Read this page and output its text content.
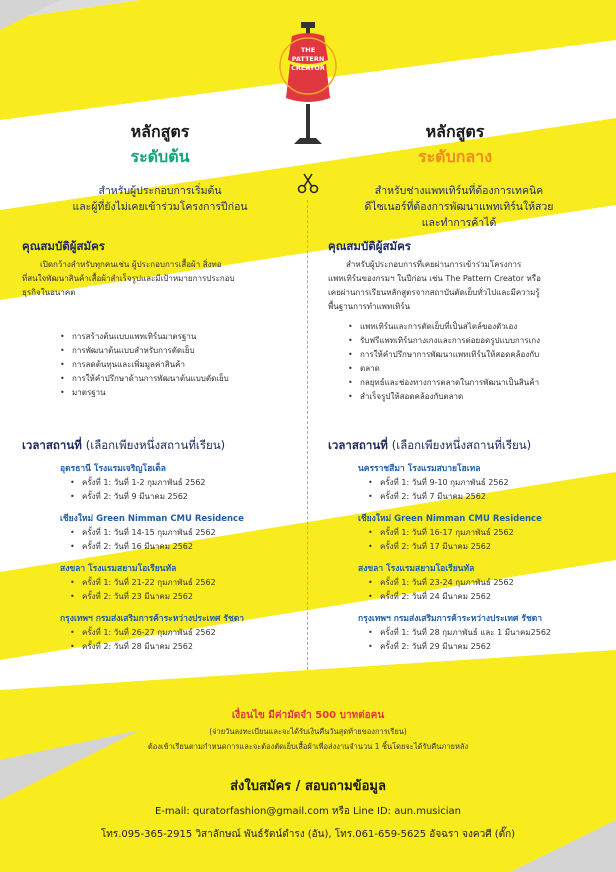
THE
PATTERN
CREATOR
หลักสูตร
ระดับต้น
สำหรับผู้ประกอบการเริ่มต้น
และผู้ที่ยังไม่เคยเข้าร่วมโครงการปีก่อน
คุณสมบัติผู้สมัคร
เปิดกว้างสำหรับทุกคนเช่น ผู้ประกอบการเสื้อผ้า สิ่งทอ
ที่สนใจพัฒนาสินค้าเสื้อผ้าสำเร็จรูปและมีเป้าหมายการประกอบ
ธุรกิจในอนาคต
• การสร้างต้นแบบแพทเทิร์นมาตรฐาน
• การพัฒนาต้นแบบสำหรับการตัดเย็บ
• การลดต้นทุนและเพิ่มมูลค่าสินค้า
• การให้คำปรึกษาด้านการพัฒนาต้นแบบตัดเย็บ
• มาตรฐาน
เวลาสถานที่ (เลือกเพียงหนึ่งสถานที่เรียน)
อุดรธานี โรงแรมเจริญโฮเต็ล
• ครั้งที่ 1: วันที่ 1-2 กุมภาพันธ์ 2562
• ครั้งที่ 2: วันที่ 9 มีนาคม 2562
เชียงใหม่ Green Nimman CMU Residence
• ครั้งที่ 1: วันที่ 14-15 กุมภาพันธ์ 2562
• ครั้งที่ 2: วันที่ 16 มีนาคม 2562
สงขลา โรงแรมสยามโอเรียนทัล
• ครั้งที่ 1: วันที่ 21-22 กุมภาพันธ์ 2562
• ครั้งที่ 2: วันที่ 23 มีนาคม 2562
กรุงเทพฯ กรมส่งเสริมการค้าระหว่างประเทศ รัชดา
• ครั้งที่ 1: วันที่ 26-27 กุมภาพันธ์ 2562
• ครั้งที่ 2: วันที่ 28 มีนาคม 2562
หลักสูตร
ระดับกลาง
สำหรับช่างแพทเทิร์นที่ต้องการเทคนิค
ดีไซเนอร์ที่ต้องการพัฒนาแพทเทิร์นให้สวย
และทำการค้าได้
คุณสมบัติผู้สมัคร
สำหรับผู้ประกอบการที่เคยผ่านการเข้าร่วมโครงการ
แพทเทิร์นของกรมฯ ในปีก่อน เช่น The Pattern Creator หรือ
เคยผ่านการเรียนหลักสูตรจากสถาบันตัดเย็บทั่วไปและมีความรู้
พื้นฐานการทำแพทเทิร์น
• แพทเทิร์นและการตัดเย็บที่เป็นสไตล์ของตัวเอง
• รับฟรีแพทเทิร์นกางเกงและการต่อยอดรูปแบบการเกง
• การให้คำปรึกษาการพัฒนาแพทเทิร์นให้สอดคล้องกับ
• ตลาด
• กลยุทธ์และช่องทางการตลาดในการพัฒนาเป็นสินค้า
• สำเร็จรูปให้สอดคล้องกับตลาด
เวลาสถานที่ (เลือกเพียงหนึ่งสถานที่เรียน)
นครราชสีมา โรงแรมสบายโฮเทล
• ครั้งที่ 1: วันที่ 9-10 กุมภาพันธ์ 2562
• ครั้งที่ 2: วันที่ 7 มีนาคม 2562
เชียงใหม่ Green Nimman CMU Residence
• ครั้งที่ 1: วันที่ 16-17 กุมภาพันธ์ 2562
• ครั้งที่ 2: วันที่ 17 มีนาคม 2562
สงขลา โรงแรมสยามโอเรียนทัล
• ครั้งที่ 1: วันที่ 23-24 กุมภาพันธ์ 2562
• ครั้งที่ 2: วันที่ 24 มีนาคม 2562
กรุงเทพฯ กรมส่งเสริมการค้าระหว่างประเทศ รัชดา
• ครั้งที่ 1: วันที่ 28 กุมภาพันธ์ และ 1 มีนาคม2562
• ครั้งที่ 2: วันที่ 29 มีนาคม 2562
เงื่อนไข มีค่ามัดจำ 500 บาทต่อคน
(จ่ายวันลงทะเบียนและจะได้รับเงินคืนวันสุดท้ายของการเรียน)
ต้องเข้าเรียนตามกำหนดการและจะต้องตัดเย็บเสื้อผ้าเพื่อส่งงานจำนวน 1 ชิ้นโดยจะได้รับคืนภายหลัง
ส่งใบสมัคร / สอบถามข้อมูล
E-mail: quratorfashion@gmail.com หรือ Line ID: aun.musician
โทร.095-365-2915 วิสาลักษณ์ พันธ์รัตน์ดำรง (อัน), โทร.061-659-5625 อัจฉรา จงควศี (ตั๊ก)
